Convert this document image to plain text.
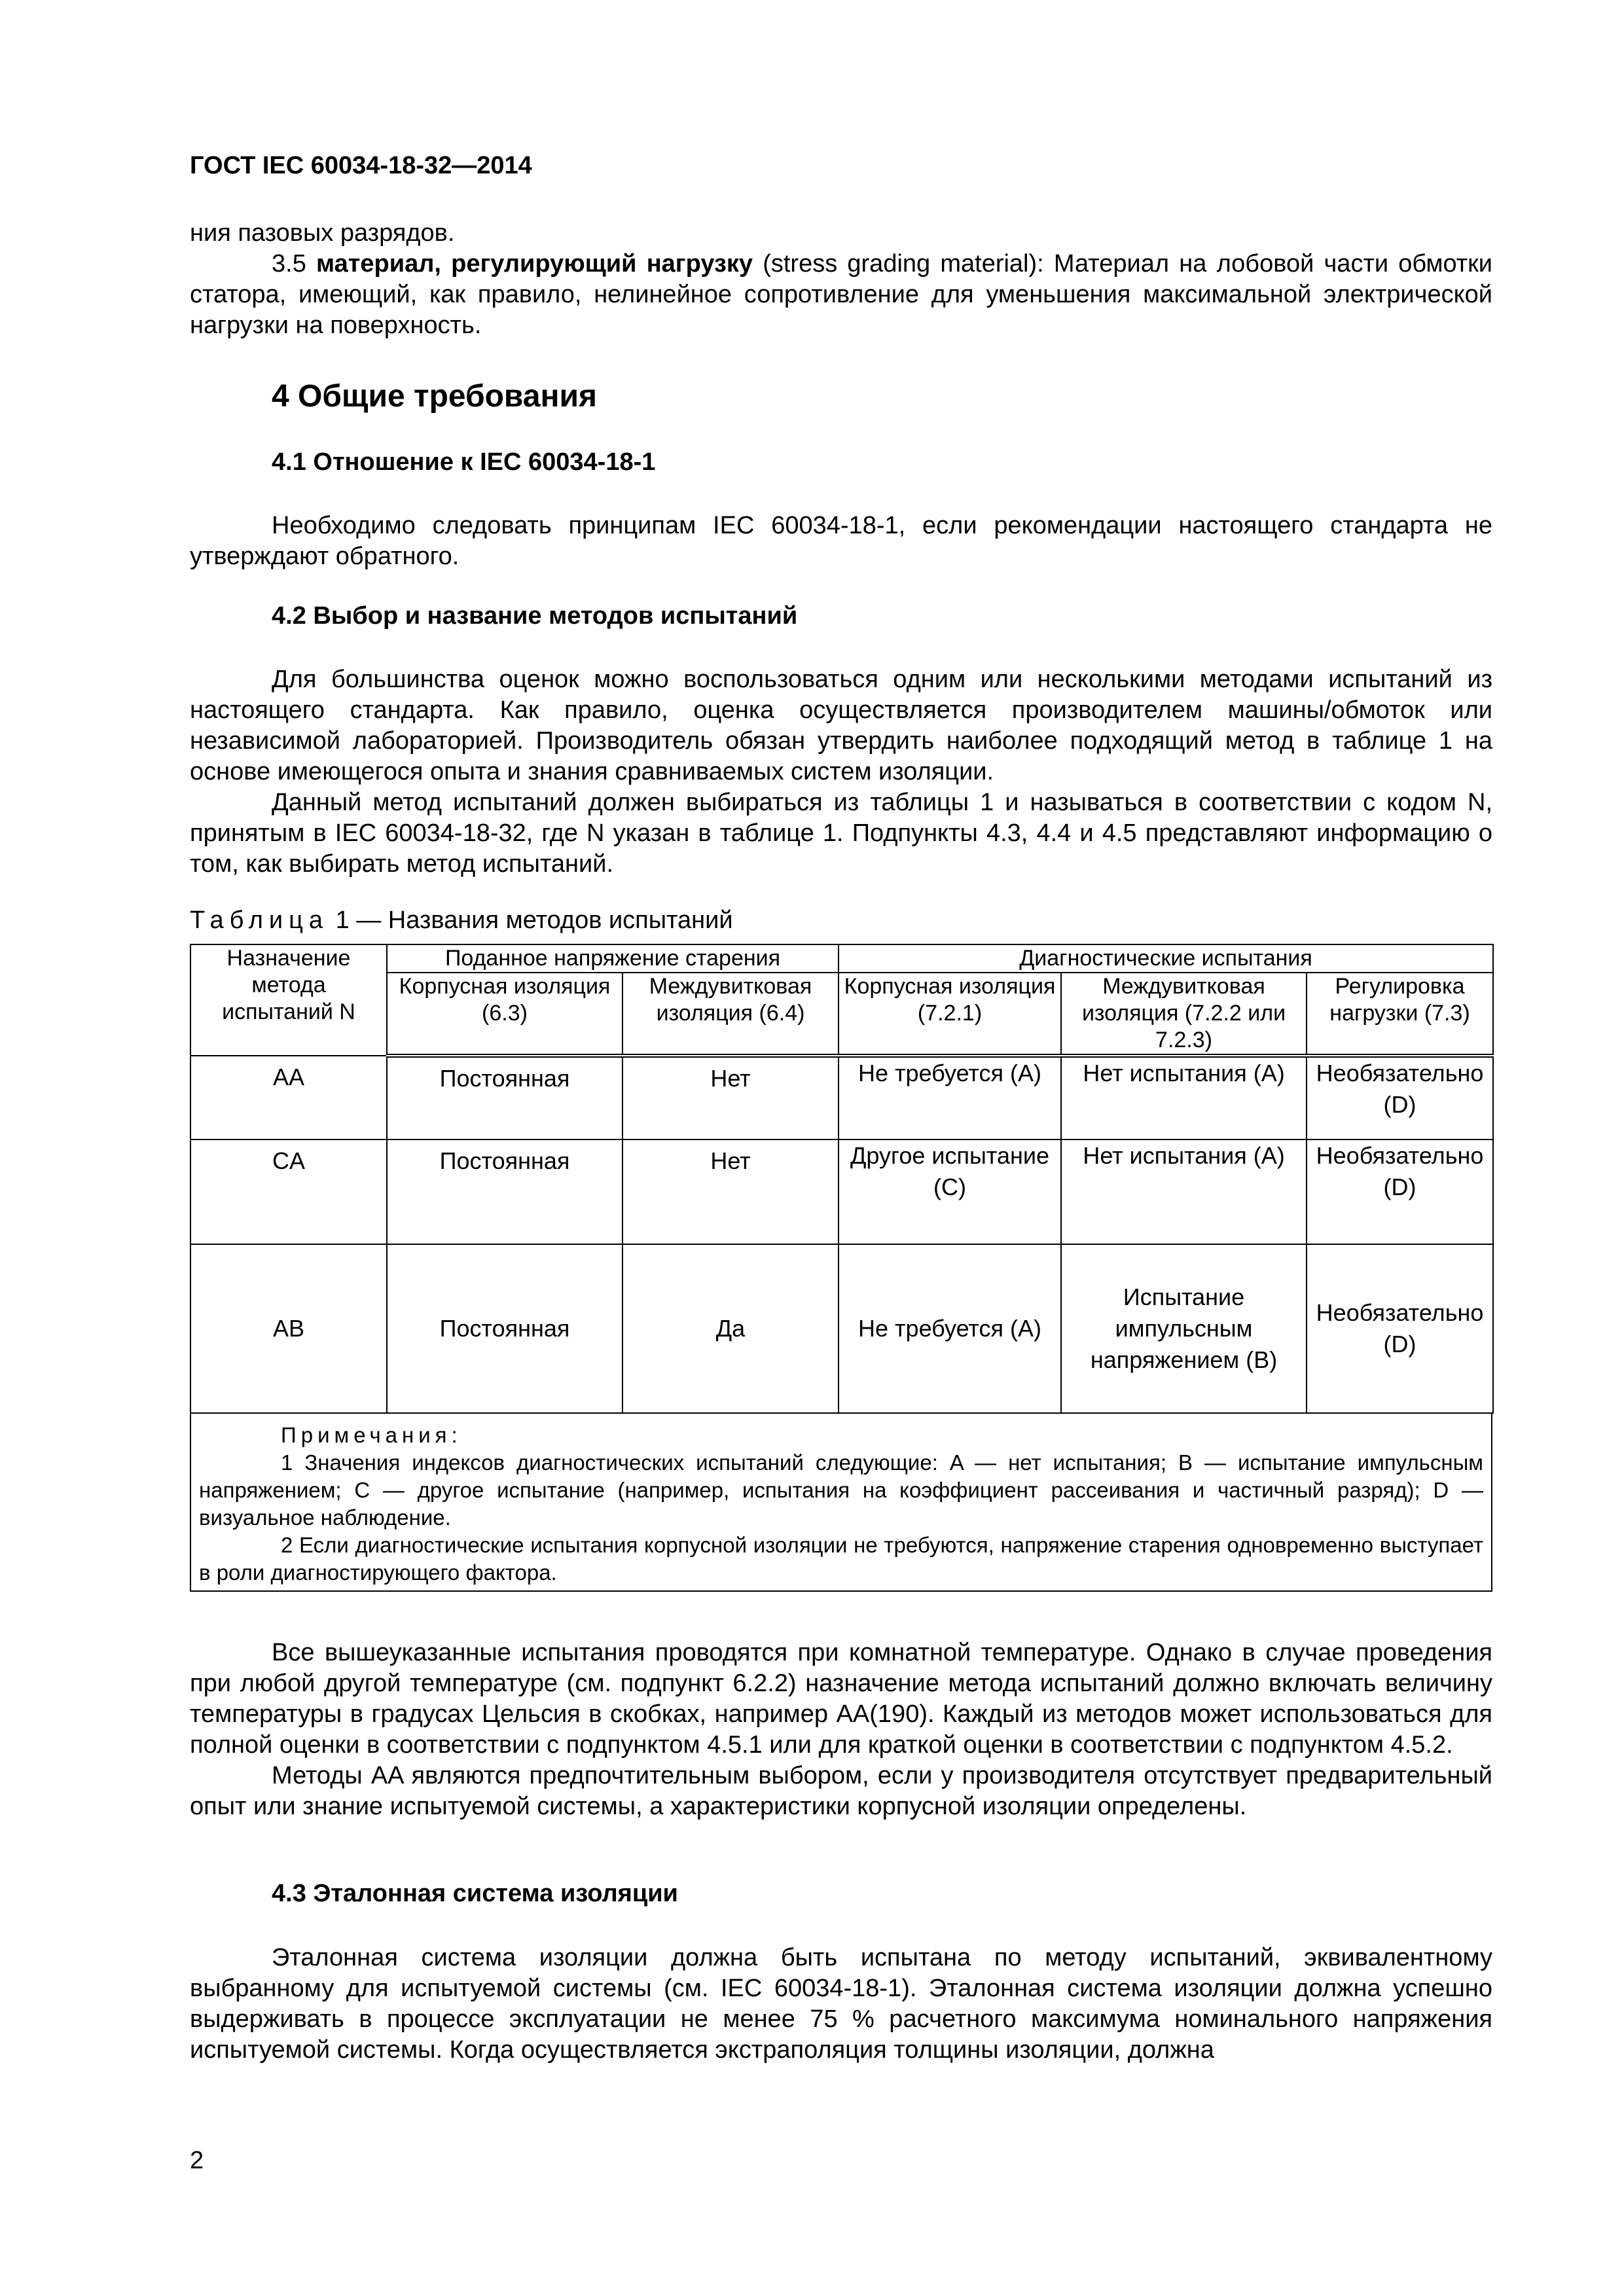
ГОСТ IEC 60034-18-32—2014

ния пазовых разрядов.

3.5 материал, регулирующий нагрузку (stress grading material): Материал на лобовой части обмотки статора, имеющий, как правило, нелинейное сопротивление для уменьшения максимальной электрической нагрузки на поверхность.

4 Общие требования
4.1 Отношение к IEC 60034-18-1

Необходимо следовать принципам IEC 60034-18-1, если рекомендации настоящего стандарта не утверждают обратного.

4.2 Выбор и название методов испытаний

Для большинства оценок можно воспользоваться одним или несколькими методами испытаний из настоящего стандарта. Как правило, оценка осуществляется производителем машины/обмоток или независимой лабораторией. Производитель обязан утвердить наиболее подходящий метод в таблице 1 на основе имеющегося опыта и знания сравниваемых систем изоляции.

Данный метод испытаний должен выбираться из таблицы 1 и называться в соответствии с кодом N, принятым в IEC 60034-18-32, где N указан в таблице 1. Подпункты 4.3, 4.4 и 4.5 представляют информацию о том, как выбирать метод испытаний.

Таблица 1 — Названия методов испытаний
Назначение метода испытаний N	Поданное напряжение старения		Диагностические испытания		
	Корпусная изоляция (6.3)	Междувитковая изоляция (6.4)	Корпусная изоляция (7.2.1)	Междувитковая изоляция (7.2.2 или 7.2.3)	Регулировка нагрузки (7.3)
AA	Постоянная	Нет	Не требуется (A)	Нет испытания (A)	Необязательно (D)
CA	Постоянная	Нет	Другое испытание (C)	Нет испытания (A)	Необязательно (D)
AB	Постоянная	Да	Не требуется (A)	Испытание импульсным напряжением (B)	Необязательно (D)

Примечания:

1 Значения индексов диагностических испытаний следующие: A — нет испытания; B — испытание импульсным напряжением; C — другое испытание (например, испытания на коэффициент рассеивания и частичный разряд); D — визуальное наблюдение.

2 Если диагностические испытания корпусной изоляции не требуются, напряжение старения одновременно выступает в роли диагностирующего фактора.

Все вышеуказанные испытания проводятся при комнатной температуре. Однако в случае проведения при любой другой температуре (см. подпункт 6.2.2) назначение метода испытаний должно включать величину температуры в градусах Цельсия в скобках, например AA(190). Каждый из методов может использоваться для полной оценки в соответствии с подпунктом 4.5.1 или для краткой оценки в соответствии с подпунктом 4.5.2.

Методы AA являются предпочтительным выбором, если у производителя отсутствует предварительный опыт или знание испытуемой системы, а характеристики корпусной изоляции определены.

4.3 Эталонная система изоляции

Эталонная система изоляции должна быть испытана по методу испытаний, эквивалентному выбранному для испытуемой системы (см. IEC 60034-18-1). Эталонная система изоляции должна успешно выдерживать в процессе эксплуатации не менее 75 % расчетного максимума номинального напряжения испытуемой системы. Когда осуществляется экстраполяция толщины изоляции, должна

2
